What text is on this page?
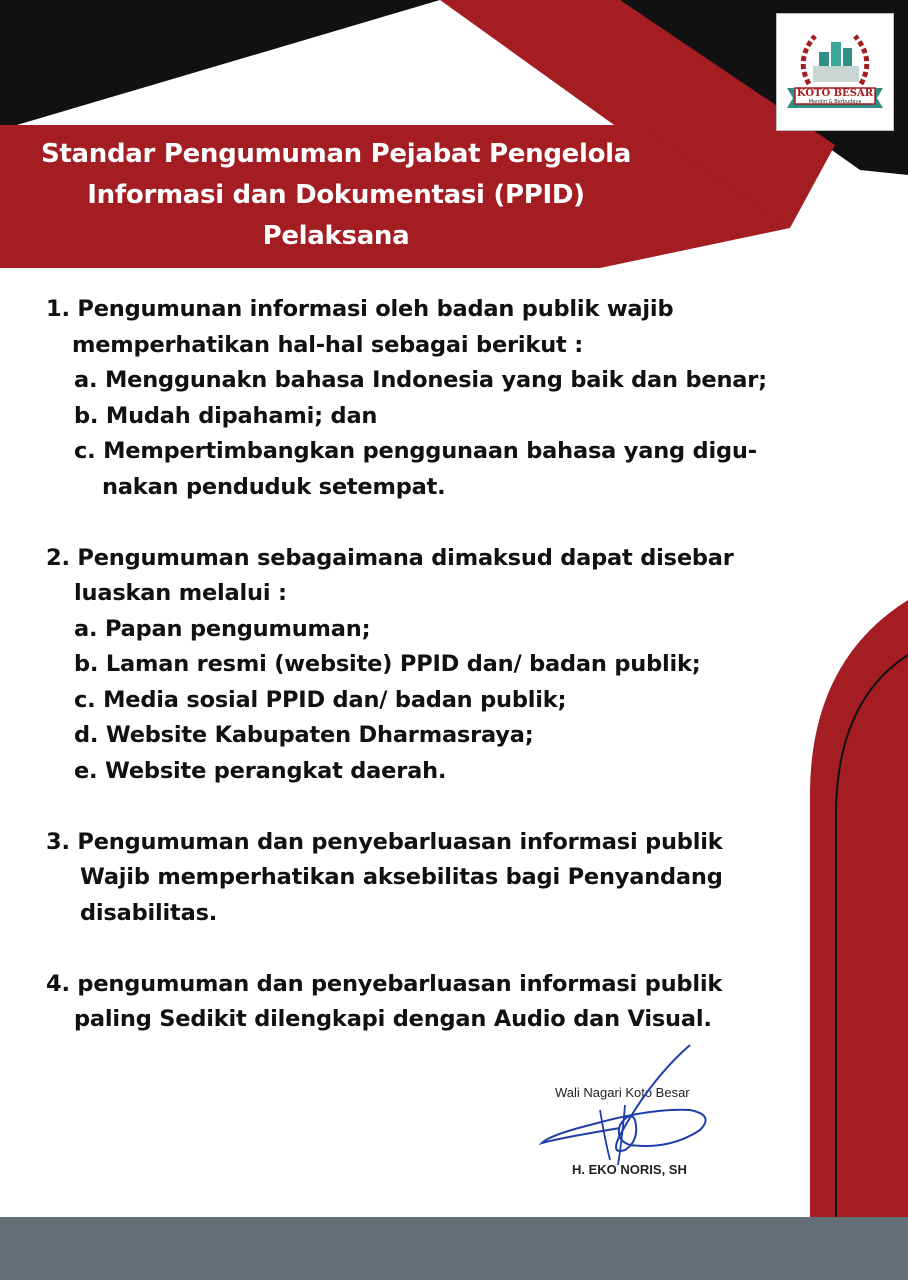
KOTO BESAR
Mandiri & Berbudaya
Standar Pengumuman Pejabat Pengelola
Informasi dan Dokumentasi (PPID)
Pelaksana
1. Pengumunan informasi oleh badan publik wajib
memperhatikan hal-hal sebagai berikut :
a. Menggunakn bahasa Indonesia yang baik dan benar;
b. Mudah dipahami; dan
c. Mempertimbangkan penggunaan bahasa yang digu-
nakan penduduk setempat.
2. Pengumuman sebagaimana dimaksud dapat disebar
luaskan melalui :
a. Papan pengumuman;
b. Laman resmi (website) PPID dan/ badan publik;
c. Media sosial PPID dan/ badan publik;
d. Website Kabupaten Dharmasraya;
e. Website perangkat daerah.
3. Pengumuman dan penyebarluasan informasi publik
Wajib memperhatikan aksebilitas bagi Penyandang
disabilitas.
4. pengumuman dan penyebarluasan informasi publik
paling Sedikit dilengkapi dengan Audio dan Visual.
Wali Nagari Koto Besar
H. EKO NORIS, SH
